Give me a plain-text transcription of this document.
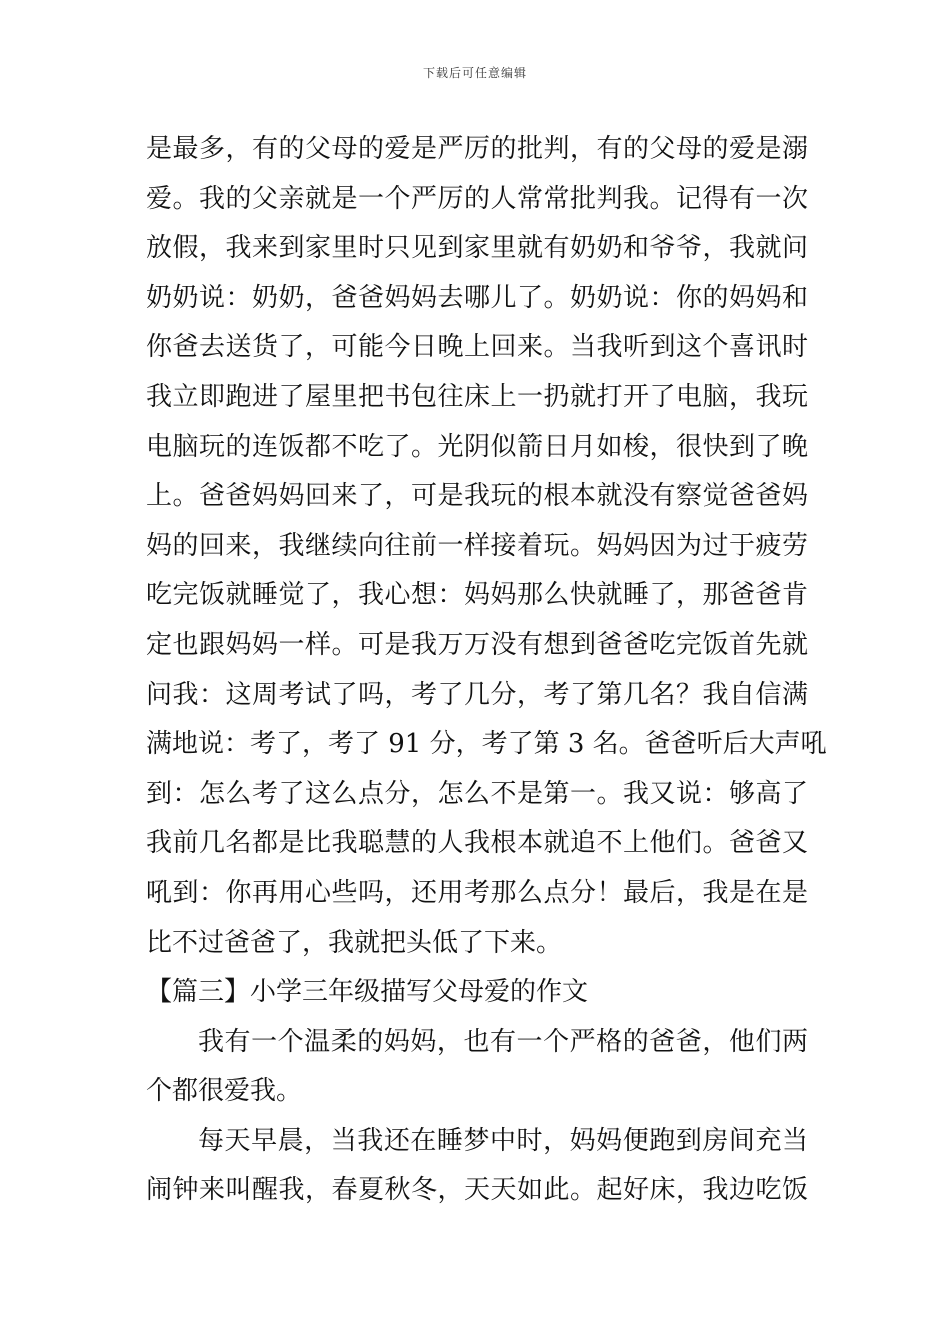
下载后可任意编辑
是最多，有的父母的爱是严厉的批判，有的父母的爱是溺
爱。我的父亲就是一个严厉的人常常批判我。记得有一次
放假，我来到家里时只见到家里就有奶奶和爷爷，我就问
奶奶说：奶奶，爸爸妈妈去哪儿了。奶奶说：你的妈妈和
你爸去送货了，可能今日晚上回来。当我听到这个喜讯时
我立即跑进了屋里把书包往床上一扔就打开了电脑，我玩
电脑玩的连饭都不吃了。光阴似箭日月如梭，很快到了晚
上。爸爸妈妈回来了，可是我玩的根本就没有察觉爸爸妈
妈的回来，我继续向往前一样接着玩。妈妈因为过于疲劳
吃完饭就睡觉了，我心想：妈妈那么快就睡了，那爸爸肯
定也跟妈妈一样。可是我万万没有想到爸爸吃完饭首先就
问我：这周考试了吗，考了几分，考了第几名？我自信满
满地说：考了，考了 91 分，考了第 3 名。爸爸听后大声吼
到：怎么考了这么点分，怎么不是第一。我又说：够高了
我前几名都是比我聪慧的人我根本就追不上他们。爸爸又
吼到：你再用心些吗，还用考那么点分！最后，我是在是
比不过爸爸了，我就把头低了下来。
【篇三】小学三年级描写父母爱的作文
我有一个温柔的妈妈，也有一个严格的爸爸，他们两
个都很爱我。
每天早晨，当我还在睡梦中时，妈妈便跑到房间充当
闹钟来叫醒我，春夏秋冬，天天如此。起好床，我边吃饭
